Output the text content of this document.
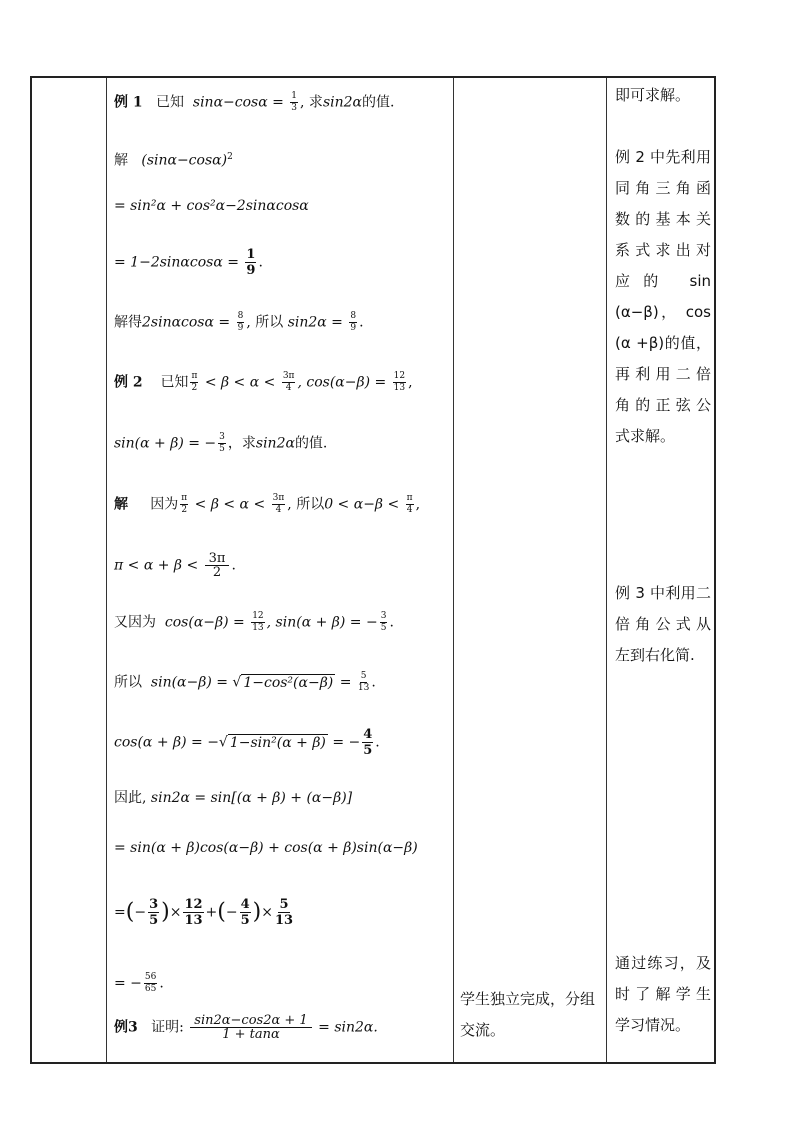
例 1 已知 $\sin\alpha-\cos\alpha = \frac{1}{3}$ , 求sin2α的值.
解 $(\sin\alpha-\cos\alpha)^2$
= sin²α + cos²α−2sinαcosα
= $1-2\sin\alpha\cos\alpha = \frac{1}{9}$ .
解得$2\sin\alpha\cos\alpha = \frac{8}{9}$ , 所以 $\sin 2\alpha = \frac{8}{9}$ .
例 2 已知 $\frac{\pi}{2} < \beta < \alpha < \frac{3\pi}{4}$ , $\cos(\alpha-\beta) = \frac{12}{13}$ ,
sin(α + β) = − $\frac{3}{5}$ ，求sin2α的值.
解 因为 $\frac{\pi}{2} < \beta < \alpha < \frac{3\pi}{4}$ , 所以$0 < \alpha-\beta < \frac{\pi}{4}$ ,
$\pi < \alpha + \beta < \frac{3\pi}{2}$ .
又因为 $\cos(\alpha-\beta) = \frac{12}{13}$ , sin(α + β) = − $\frac{3}{5}$ .
所以 sin(α−β) = √ $1-\cos^2(\alpha-\beta) = \frac{5}{13}$ .
cos(α + β) = −√ 1−sin²(α + β) = − $\frac{4}{5}$ .
因此, sin2α = sin[(α + β) + (α−β)]
= sin(α + β)cos(α−β) + cos(α + β)sin(α−β)
=(− $\frac{3}{5}$ )× $\frac{12}{13}$ +(− $\frac{4}{5}$ )× $\frac{5}{13}$
= − $\frac{56}{65}$ .
例3 证明: $\frac{\sin 2\alpha-\cos 2\alpha + 1}{1 + \tan\alpha} = \sin 2\alpha$.
学生独立完成，分组
交流。
即可求解。
例 2 中先利用
同角三角函
数的基本关
系式求出对
应的 sin
(α−β)， cos
(α +β)的值，
再利用二倍
角的正弦公
式求解。
例 3 中利用二
倍角公式从
左到右化简.
通过练习，及
时了解学生
学习情况。
